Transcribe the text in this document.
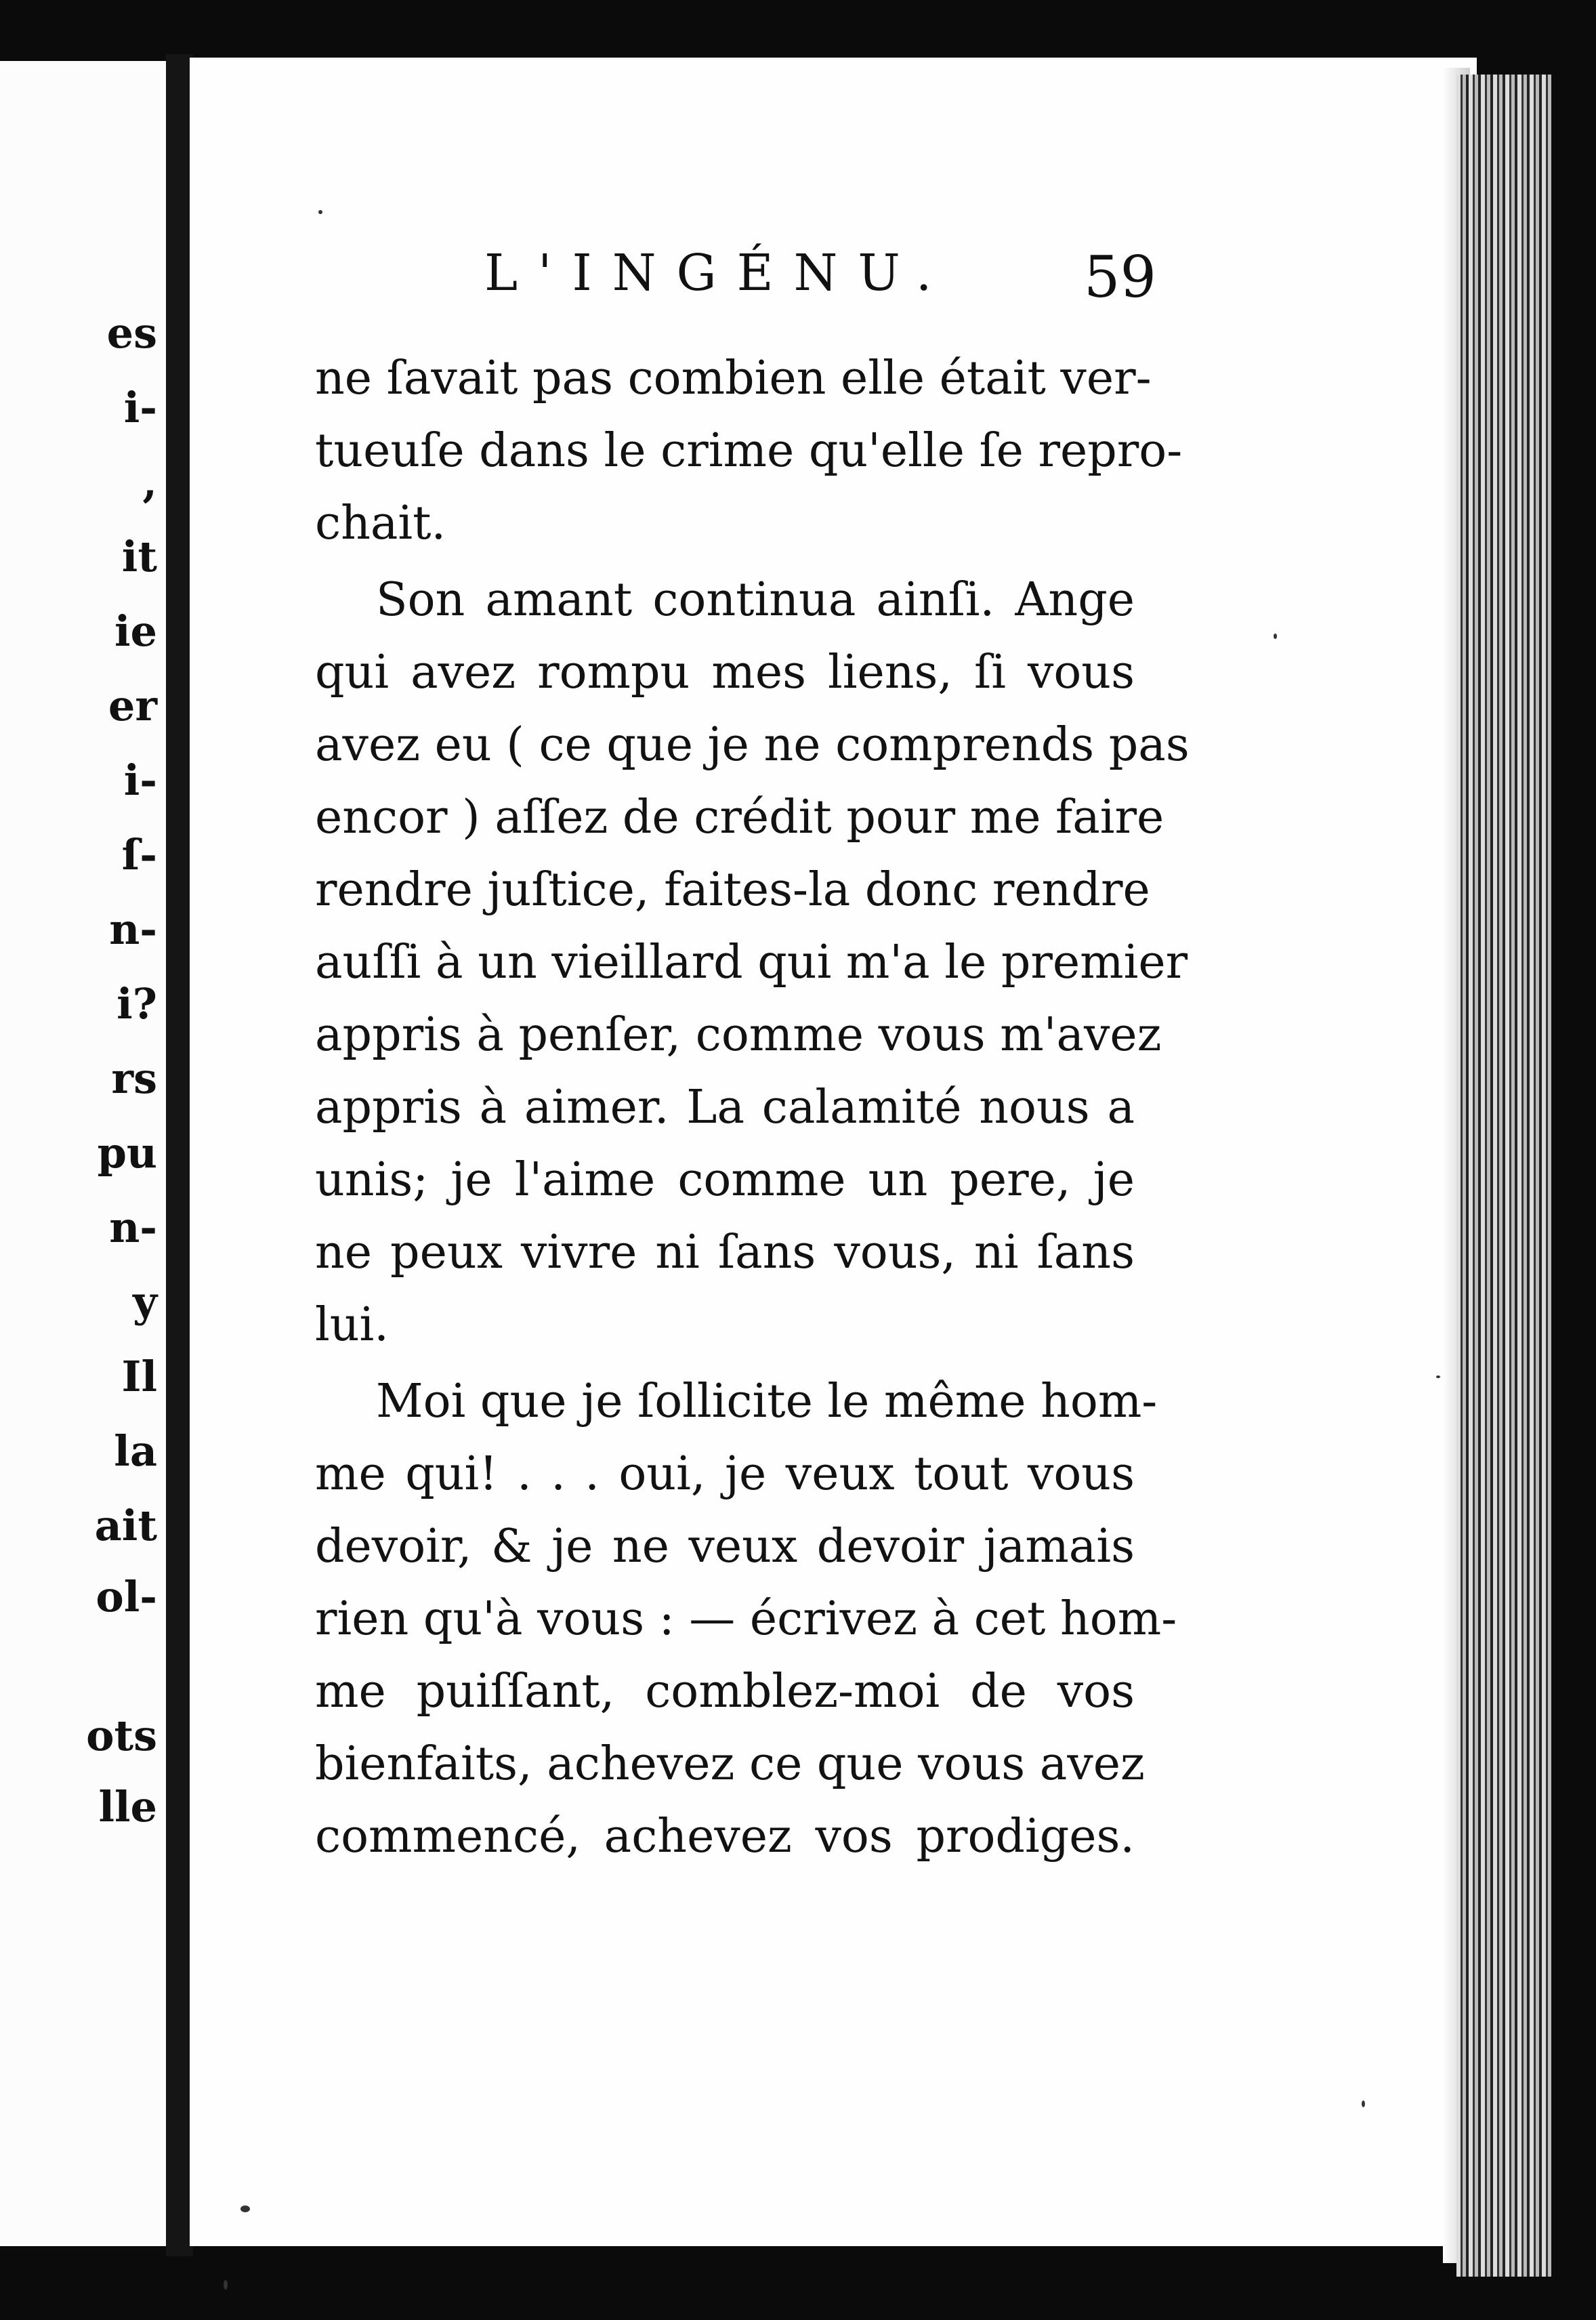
es
i-
,
it
ie
er
i-
ſ-
n-
i?
rs
pu
n-
y
Il
la
ait
ol-
ots
lle
L'INGÉNU. 59
ne ſavait pas combien elle était ver-
tueuſe dans le crime qu'elle ſe repro-
chait.
Son amant continua ainſi. Ange
qui avez rompu mes liens, ſi vous
avez eu ( ce que je ne comprends pas
encor ) aſſez de crédit pour me faire
rendre juſtice, faites-la donc rendre
auſſi à un vieillard qui m'a le premier
appris à penſer, comme vous m'avez
appris à aimer. La calamité nous a
unis; je l'aime comme un pere, je
ne peux vivre ni ſans vous, ni ſans
lui.
Moi que je ſollicite le même hom-
me qui! . . . oui, je veux tout vous
devoir, & je ne veux devoir jamais
rien qu'à vous : — écrivez à cet hom-
me puiſſant, comblez-moi de vos
bienfaits, achevez ce que vous avez
commencé, achevez vos prodiges.
